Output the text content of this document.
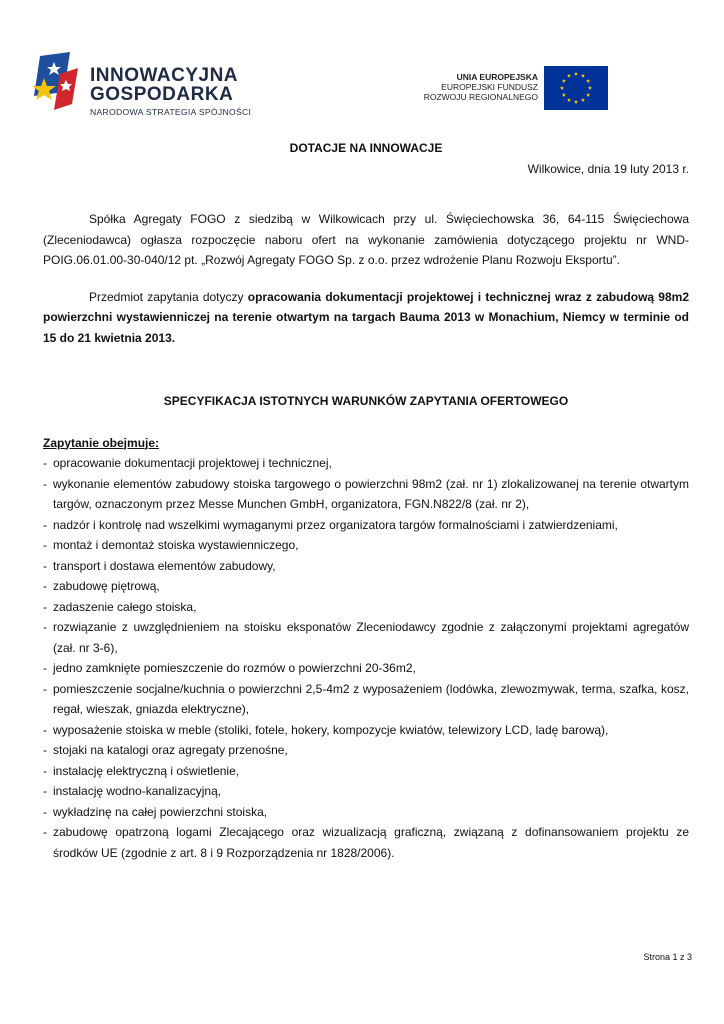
INNOWACYJNA
GOSPODARKA
NARODOWA STRATEGIA SPÓJNOŚCI
UNIA EUROPEJSKA
EUROPEJSKI FUNDUSZ
ROZWOJU REGIONALNEGO

DOTACJE NA INNOWACJE

Wilkowice, dnia 19 luty 2013 r.

Spółka Agregaty FOGO z siedzibą w Wilkowicach przy ul. Święciechowska 36, 64-115 Święciechowa (Zleceniodawca) ogłasza rozpoczęcie naboru ofert na wykonanie zamówienia dotyczącego projektu nr WND-POIG.06.01.00-30-040/12 pt. „Rozwój Agregaty FOGO Sp. z o.o. przez wdrożenie Planu Rozwoju Eksportu”.

Przedmiot zapytania dotyczy opracowania dokumentacji projektowej i technicznej wraz z zabudową 98m2 powierzchni wystawienniczej na terenie otwartym na targach Bauma 2013 w Monachium, Niemcy w terminie od 15 do 21 kwietnia 2013.

SPECYFIKACJA ISTOTNYCH WARUNKÓW ZAPYTANIA OFERTOWEGO

Zapytanie obejmuje:

- opracowanie dokumentacji projektowej i technicznej,
- wykonanie elementów zabudowy stoiska targowego o powierzchni 98m2 (zał. nr 1) zlokalizowanej na terenie otwartym targów, oznaczonym przez Messe Munchen GmbH, organizatora, FGN.N822/8 (zał. nr 2),
- nadzór i kontrolę nad wszelkimi wymaganymi przez organizatora targów formalnościami i zatwierdzeniami,
- montaż i demontaż stoiska wystawienniczego,
- transport i dostawa elementów zabudowy,
- zabudowę piętrową,
- zadaszenie całego stoiska,
- rozwiązanie z uwzględnieniem na stoisku eksponatów Zleceniodawcy zgodnie z załączonymi projektami agregatów (zał. nr 3-6),
- jedno zamknięte pomieszczenie do rozmów o powierzchni 20-36m2,
- pomieszczenie socjalne/kuchnia o powierzchni 2,5-4m2 z wyposażeniem (lodówka, zlewozmywak, terma, szafka, kosz, regał, wieszak, gniazda elektryczne),
- wyposażenie stoiska w meble (stoliki, fotele, hokery, kompozycje kwiatów, telewizory LCD, ladę barową),
- stojaki na katalogi oraz agregaty przenośne,
- instalację elektryczną i oświetlenie,
- instalację wodno-kanalizacyjną,
- wykładzinę na całej powierzchni stoiska,
- zabudowę opatrzoną logami Zlecającego oraz wizualizacją graficzną, związaną z dofinansowaniem projektu ze środków UE (zgodnie z art. 8 i 9 Rozporządzenia nr 1828/2006).
Strona 1 z 3
